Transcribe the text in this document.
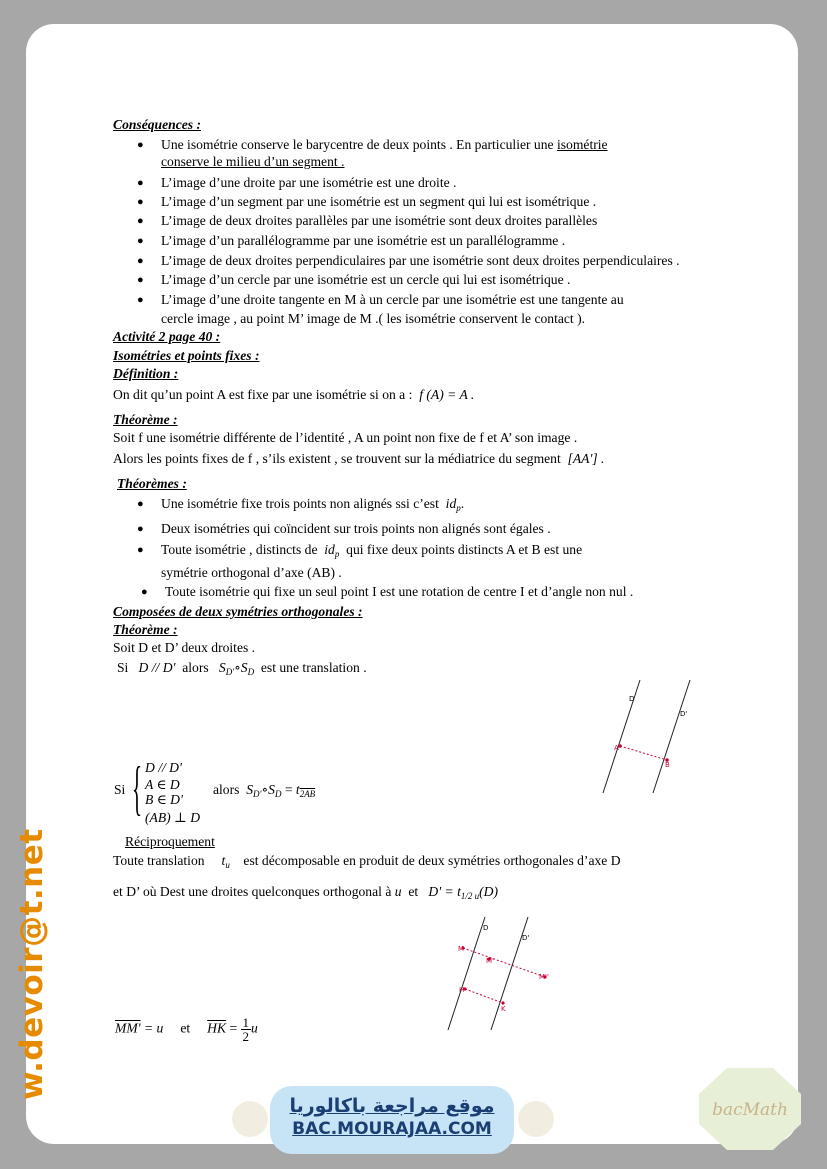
Conséquences :
● Une isométrie conserve le barycentre de deux points . En particulier une isométrie
conserve le milieu d’un segment .
● L’image d’une droite par une isométrie est une droite .
● L’image d’un segment par une isométrie est un segment qui lui est isométrique .
● L’image de deux droites parallèles par une isométrie sont deux droites parallèles
● L’image d’un parallélogramme par une isométrie est un parallélogramme .
● L’image de deux droites perpendiculaires par une isométrie sont deux droites perpendiculaires .
● L’image d’un cercle par une isométrie est un cercle qui lui est isométrique .
● L’image d’une droite tangente en M à un cercle par une isométrie est une tangente au
cercle image , au point M’ image de M .( les isométrie conservent le contact ).
Activité 2 page 40 :
Isométries et points fixes :
Définition :
On dit qu’un point A est fixe par une isométrie si on a : f (A) = A .
Théorème :
Soit f une isométrie différente de l’identité , A un point non fixe de f et A’ son image .
Alors les points fixes de f , s’ils existent , se trouvent sur la médiatrice du segment [AA'] .
Théorèmes :
● Une isométrie fixe trois points non alignés ssi c’est $id_p$.
● Deux isométries qui coïncident sur trois points non alignés sont égales .
● Toute isométrie , distincts de $id_p$ qui fixe deux points distincts A et B est une
symétrie orthogonal d’axe (AB) .
● Toute isométrie qui fixe un seul point I est une rotation de centre I et d’angle non nul .
Composées de deux symétries orthogonales :
Théorème :
Soit D et D’ deux droites .
Si D // D' alors $S_{D'}\circ S_D$ est une translation .
D
D'
A
B
Si { D // D'
A ∈ D
B ∈ D'
(AB) ⊥ D
alors $S_{D'}\circ S_D = t_{2AB}$
Réciproquement
Toute translation $t_u$ est décomposable en produit de deux symétries orthogonales d’axe D
et D’ où Dest une droites quelconques orthogonal à u et $D' = t_{1/2 u}(D)$
D
D'
M
M'
M''
H
K
MM' = u et $\overline{HK} = \frac{1}{2}$ u
w.devoir@t.net
موقع مراجعة باكالوريا
BAC.MOURAJAA.COM
bacMath
